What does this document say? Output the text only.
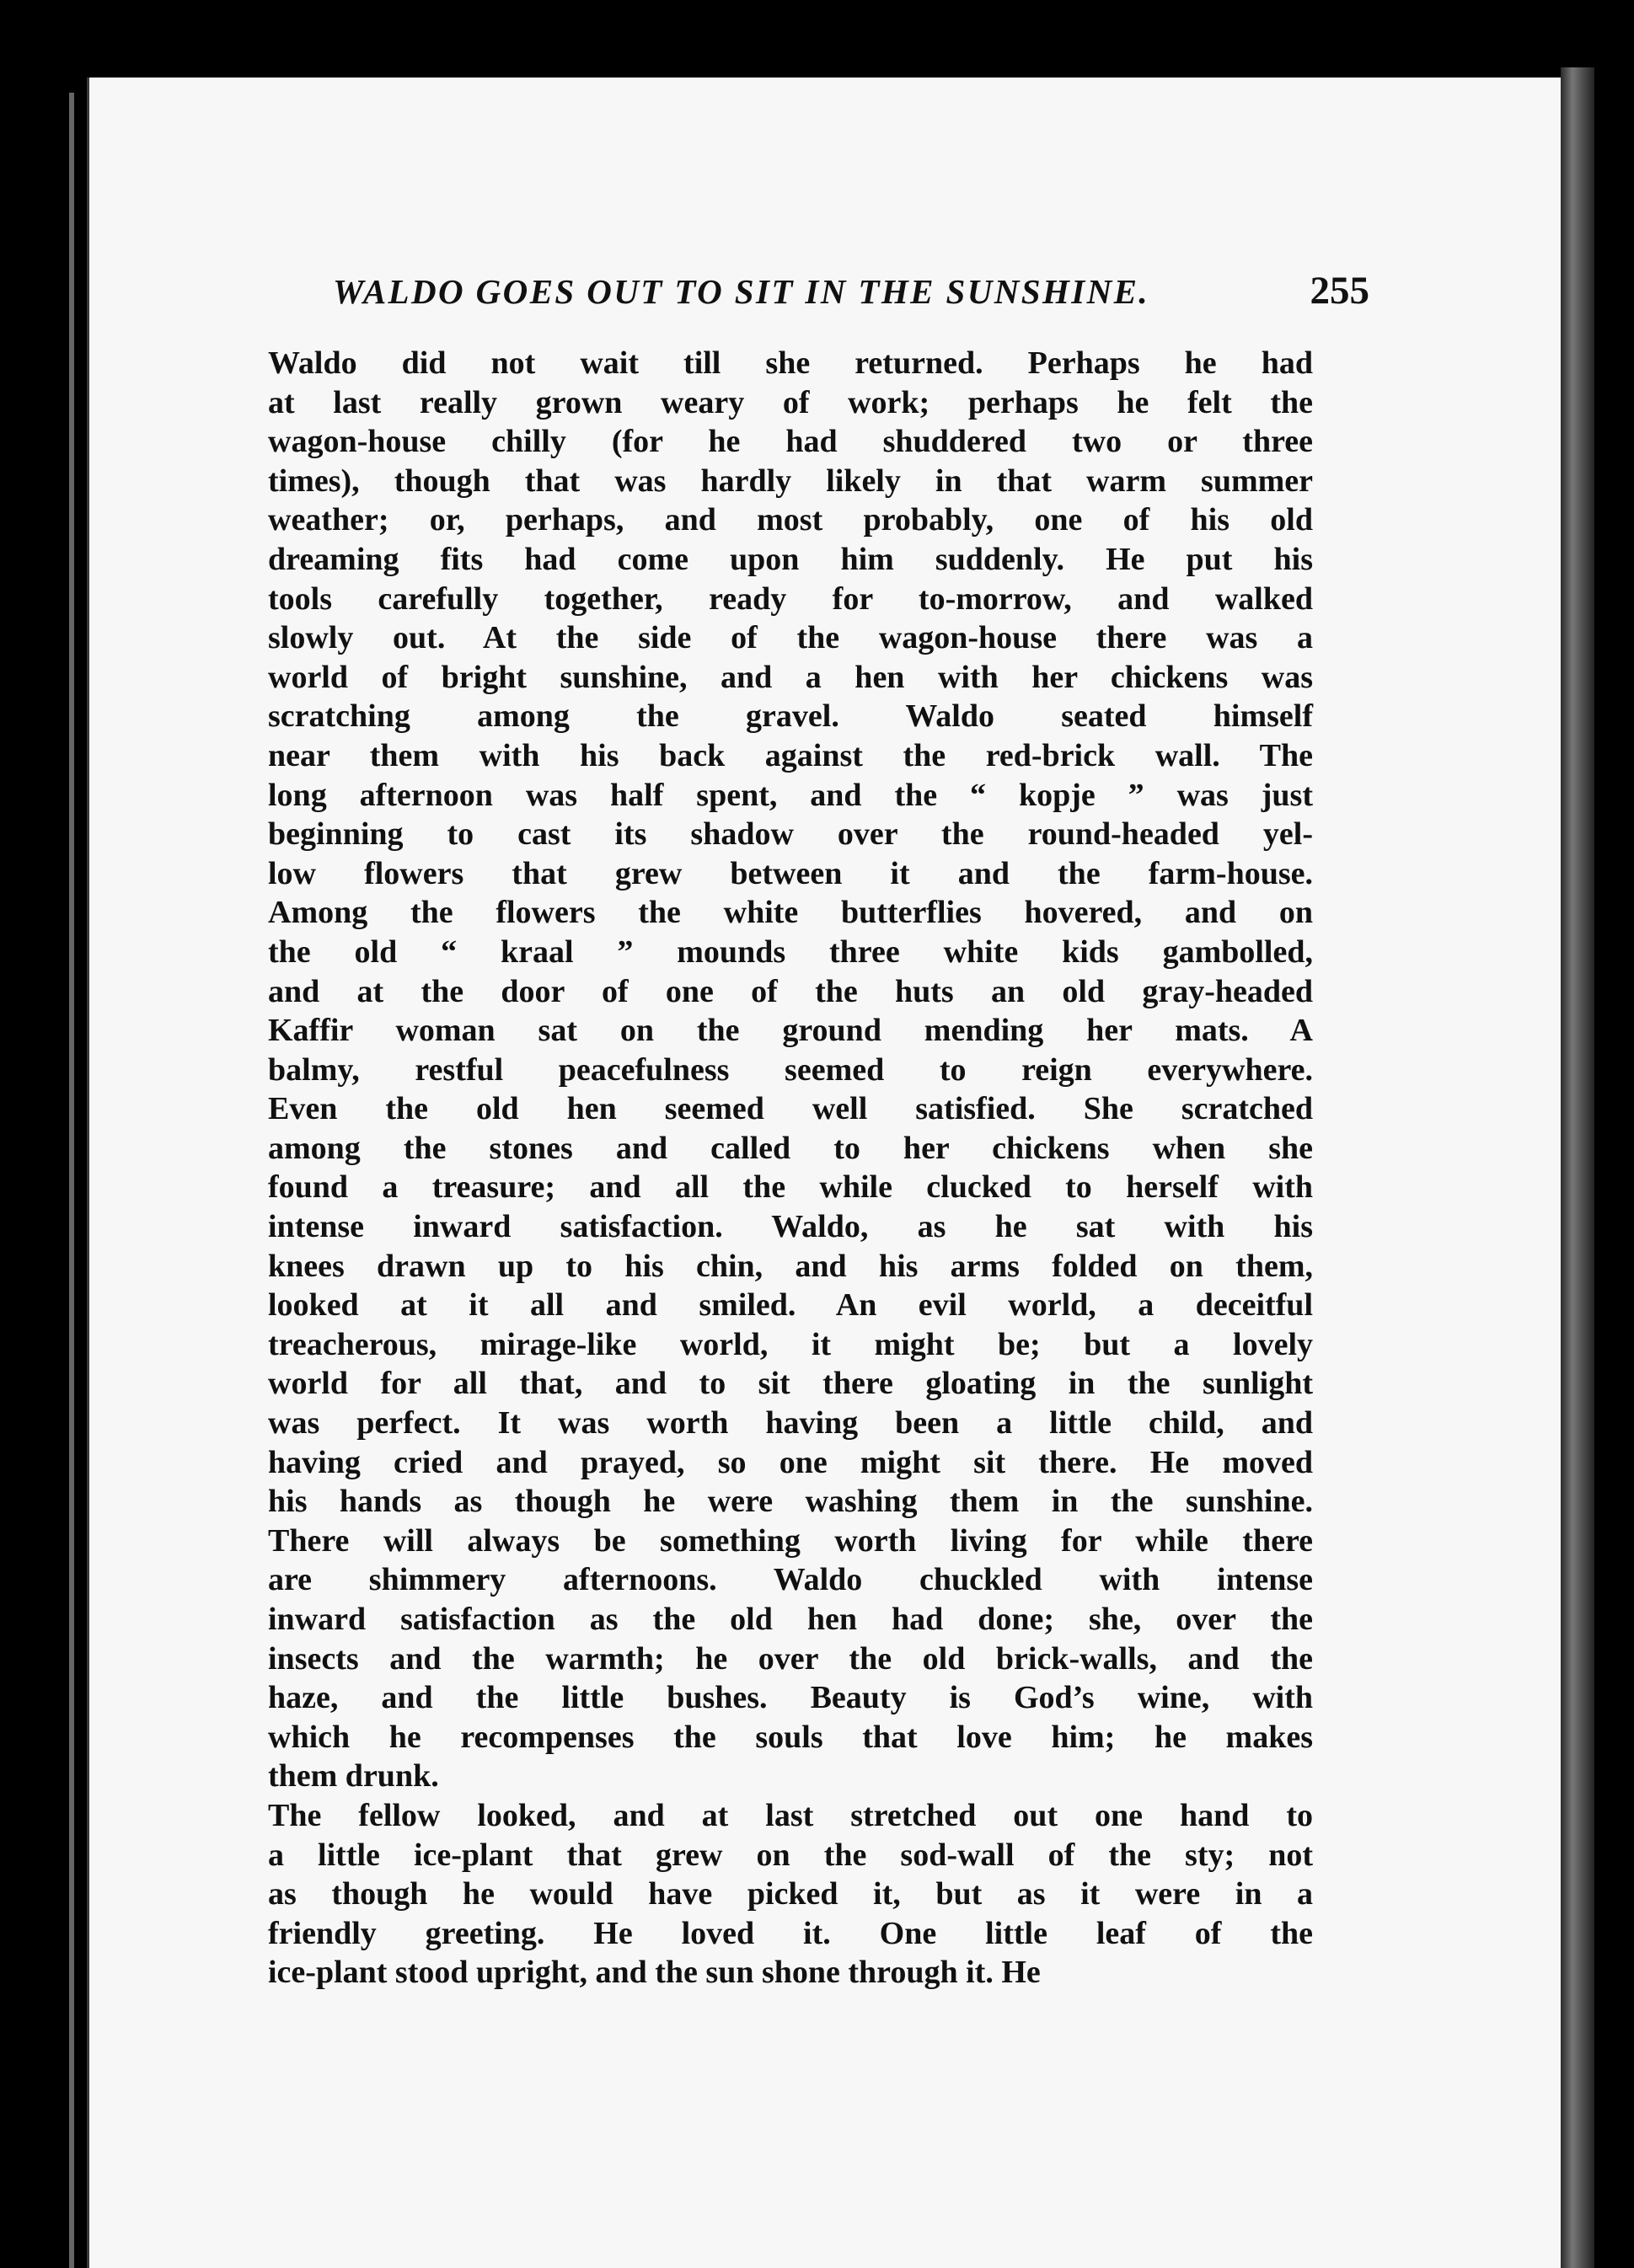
WALDO GOES OUT TO SIT IN THE SUNSHINE.	255
Waldo did not wait till she returned. Perhaps he had
at last really grown weary of work; perhaps he felt the
wagon-house chilly (for he had shuddered two or three
times), though that was hardly likely in that warm summer
weather; or, perhaps, and most probably, one of his old
dreaming fits had come upon him suddenly. He put his
tools carefully together, ready for to-morrow, and walked
slowly out. At the side of the wagon-house there was a
world of bright sunshine, and a hen with her chickens was
scratching among the gravel. Waldo seated himself
near them with his back against the red-brick wall. The
long afternoon was half spent, and the “ kopje ” was just
beginning to cast its shadow over the round-headed yel-
low flowers that grew between it and the farm-house.
Among the flowers the white butterflies hovered, and on
the old “ kraal ” mounds three white kids gambolled,
and at the door of one of the huts an old gray-headed
Kaffir woman sat on the ground mending her mats. A
balmy, restful peacefulness seemed to reign everywhere.
Even the old hen seemed well satisfied. She scratched
among the stones and called to her chickens when she
found a treasure; and all the while clucked to herself with
intense inward satisfaction. Waldo, as he sat with his
knees drawn up to his chin, and his arms folded on them,
looked at it all and smiled. An evil world, a deceitful
treacherous, mirage-like world, it might be; but a lovely
world for all that, and to sit there gloating in the sunlight
was perfect. It was worth having been a little child, and
having cried and prayed, so one might sit there. He moved
his hands as though he were washing them in the sunshine.
There will always be something worth living for while there
are shimmery afternoons. Waldo chuckled with intense
inward satisfaction as the old hen had done; she, over the
insects and the warmth; he over the old brick-walls, and the
haze, and the little bushes. Beauty is God’s wine, with
which he recompenses the souls that love him; he makes
them drunk.
The fellow looked, and at last stretched out one hand to
a little ice-plant that grew on the sod-wall of the sty; not
as though he would have picked it, but as it were in a
friendly greeting. He loved it. One little leaf of the
ice-plant stood upright, and the sun shone through it. He
